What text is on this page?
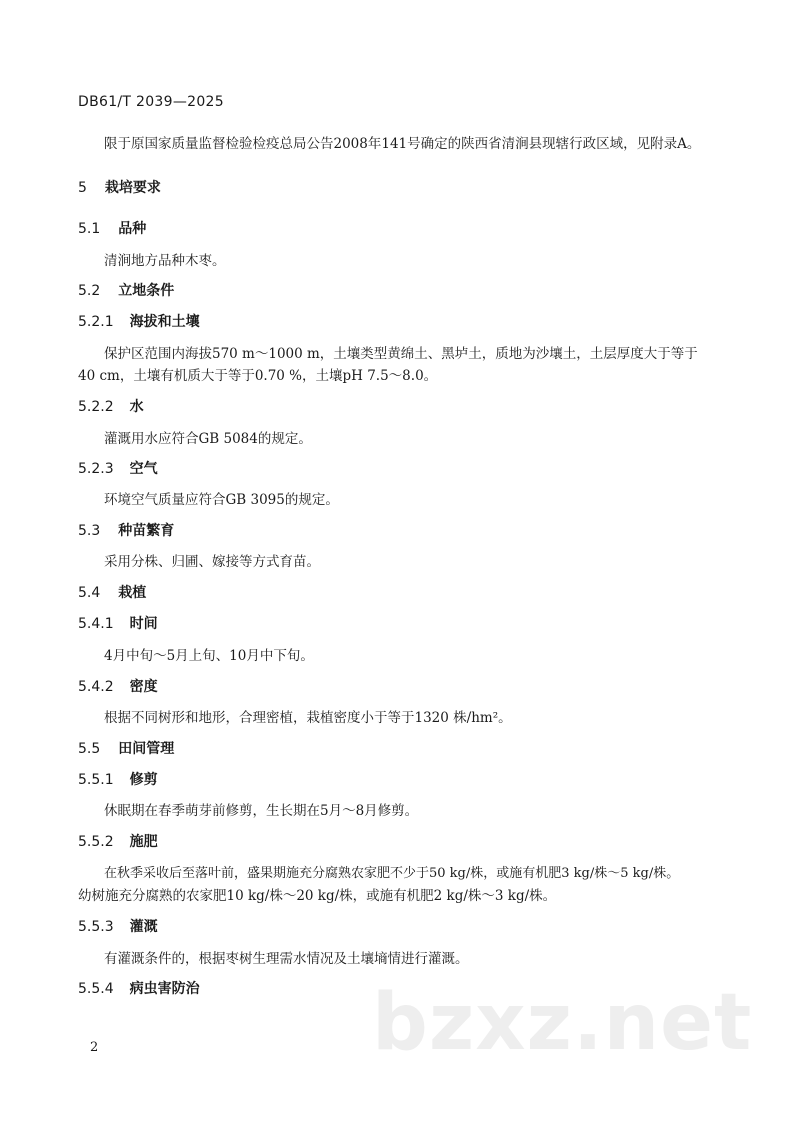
DB61/T 2039—2025
限于原国家质量监督检验检疫总局公告2008年141号确定的陕西省清涧县现辖行政区域，见附录A。
5 栽培要求
5.1 品种
清涧地方品种木枣。
5.2 立地条件
5.2.1 海拔和土壤
保护区范围内海拔570 m～1000 m，土壤类型黄绵土、黑垆土，质地为沙壤土，土层厚度大于等于
40 cm，土壤有机质大于等于0.70 %，土壤pH 7.5～8.0。
5.2.2 水
灌溉用水应符合GB 5084的规定。
5.2.3 空气
环境空气质量应符合GB 3095的规定。
5.3 种苗繁育
采用分株、归圃、嫁接等方式育苗。
5.4 栽植
5.4.1 时间
4月中旬～5月上旬、10月中下旬。
5.4.2 密度
根据不同树形和地形，合理密植，栽植密度小于等于1320 株/hm²。
5.5 田间管理
5.5.1 修剪
休眠期在春季萌芽前修剪，生长期在5月～8月修剪。
5.5.2 施肥
在秋季采收后至落叶前，盛果期施充分腐熟农家肥不少于50 kg/株，或施有机肥3 kg/株～5 kg/株。
幼树施充分腐熟的农家肥10 kg/株～20 kg/株，或施有机肥2 kg/株～3 kg/株。
5.5.3 灌溉
有灌溉条件的，根据枣树生理需水情况及土壤墒情进行灌溉。
5.5.4 病虫害防治 bzxz.net
2
